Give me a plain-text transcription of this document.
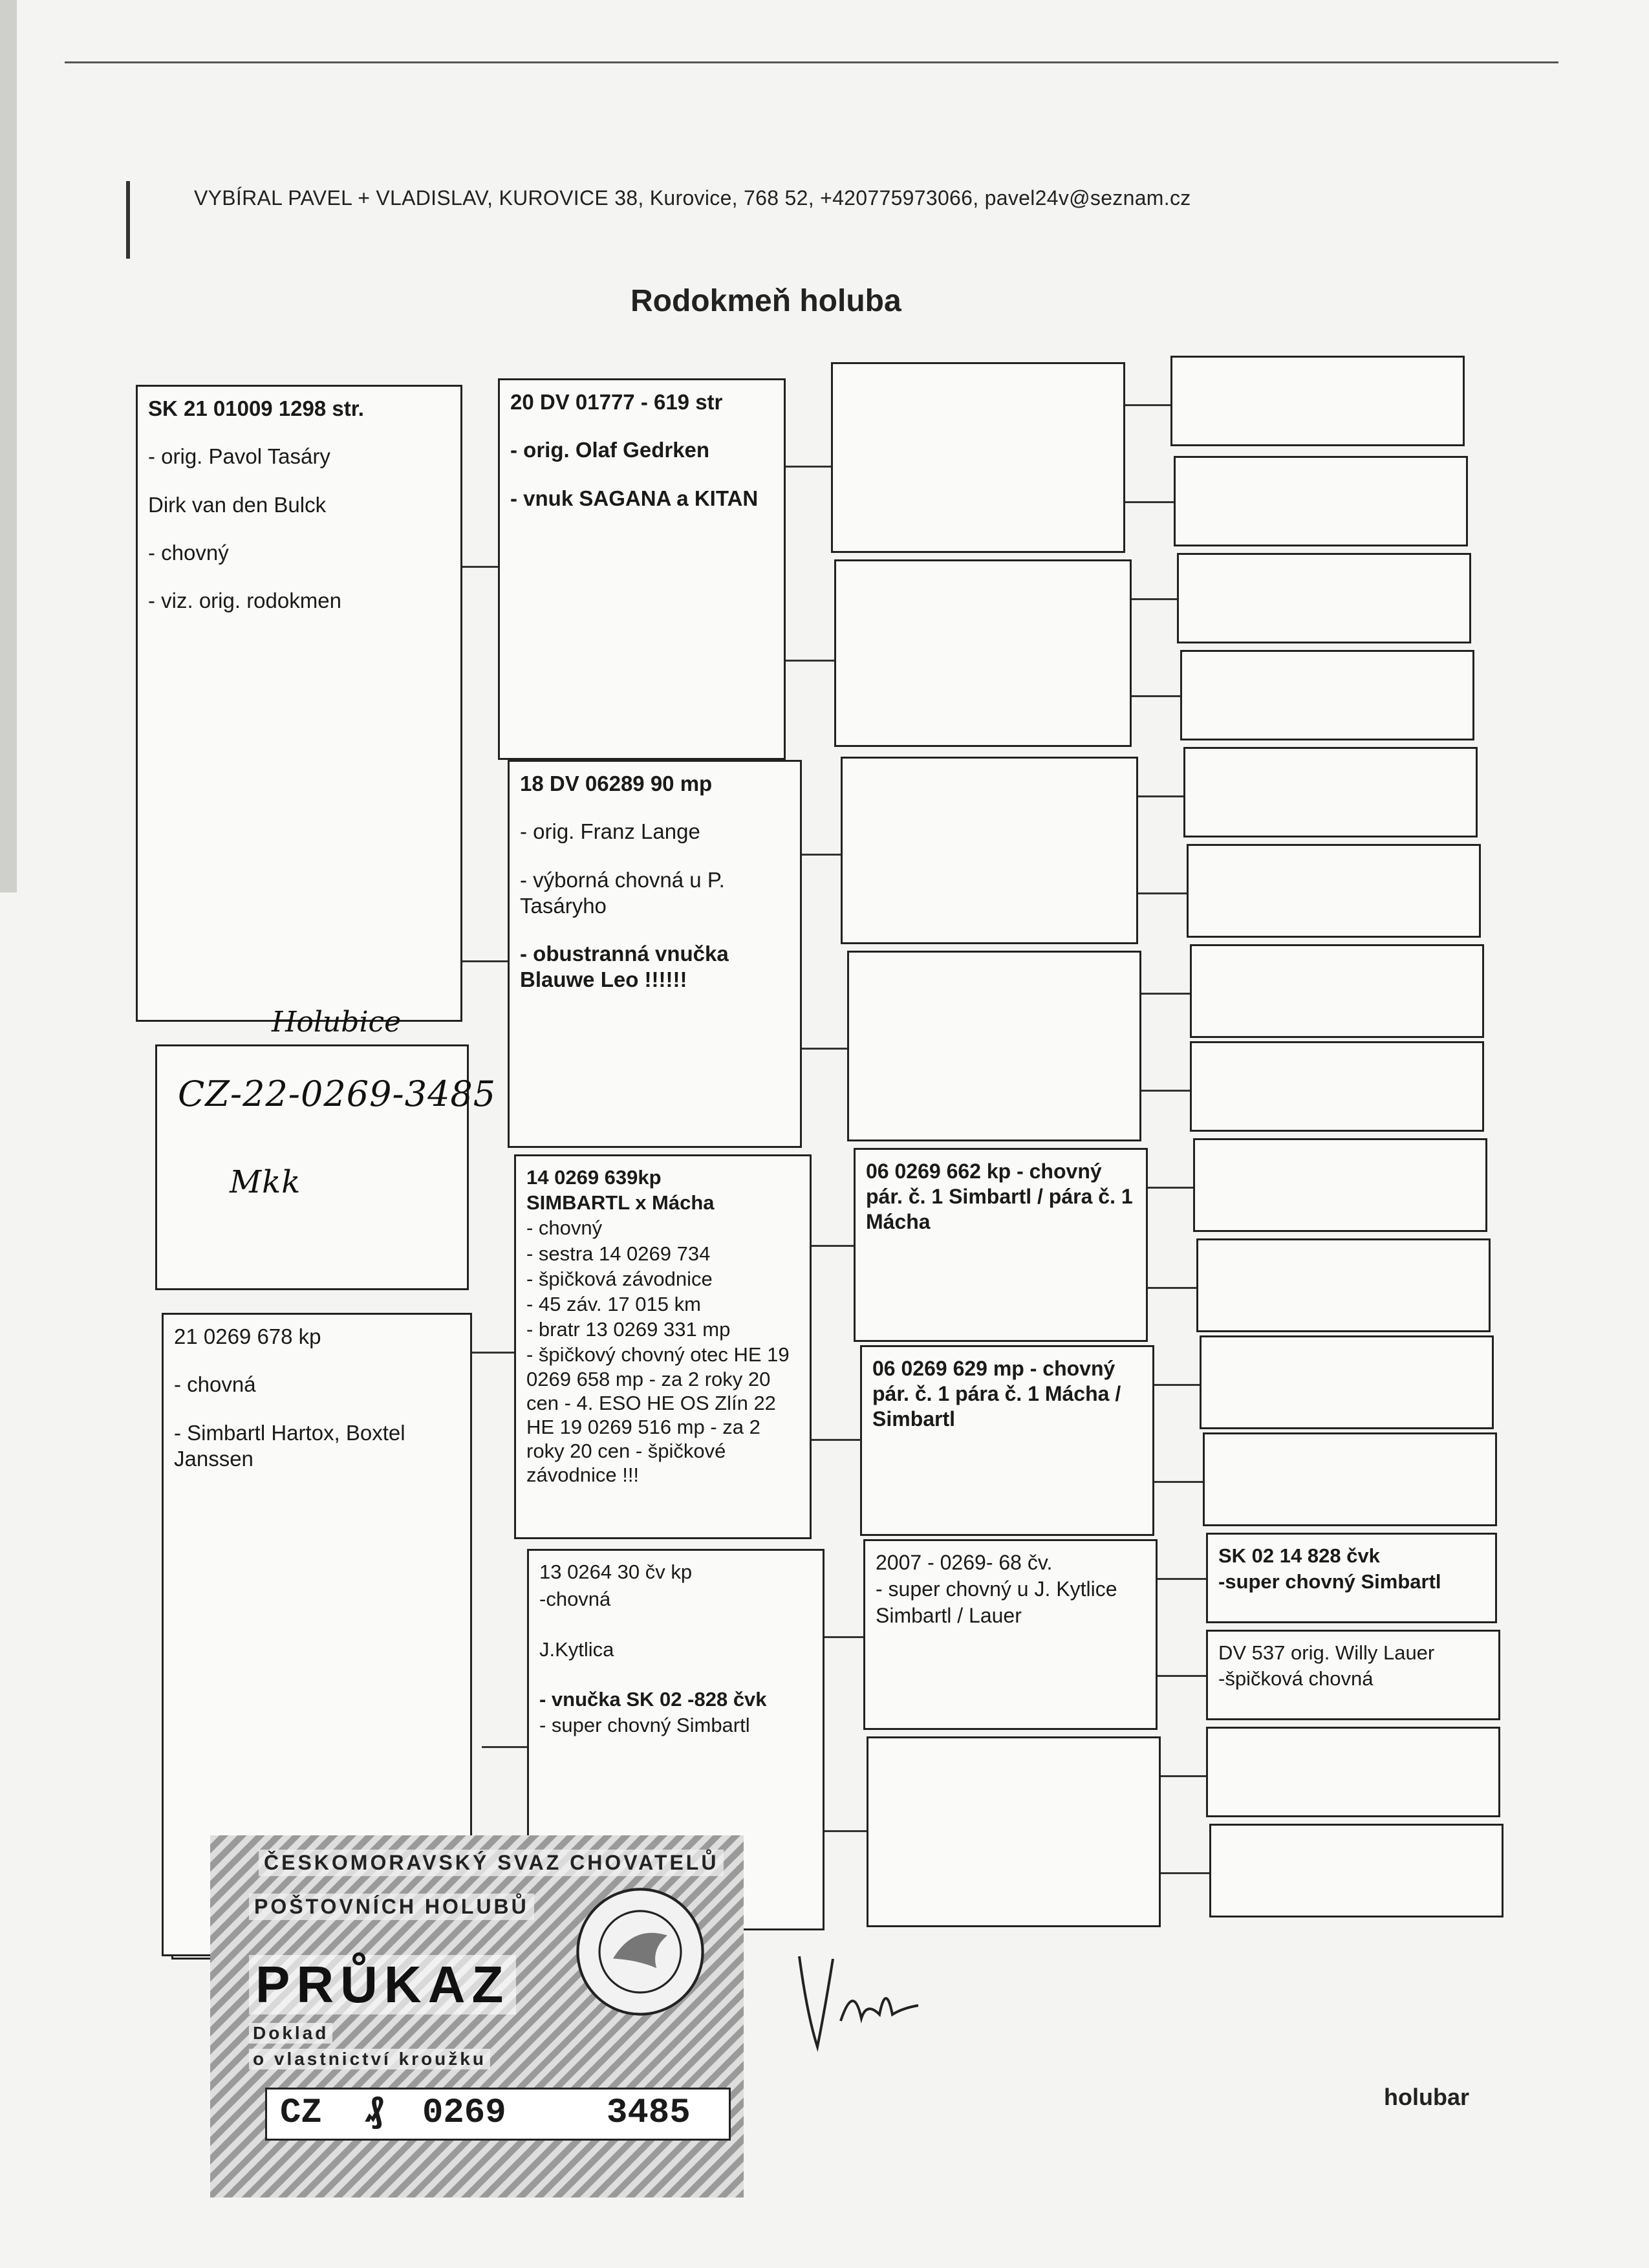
VYBÍRAL PAVEL + VLADISLAV, KUROVICE 38, Kurovice, 768 52, +420775973066, pavel24v@seznam.cz
Rodokmeň holuba

SK 21 01009 1298 str.

- orig. Pavol Tasáry

Dirk van den Bulck

- chovný

- viz. orig. rodokmen

Holubice
CZ-22-0269-3485
Mkk

21 0269 678 kp

- chovná

- Simbartl Hartox, Boxtel Janssen

20 DV 01777 - 619 str

- orig. Olaf Gedrken

- vnuk SAGANA a KITAN

18 DV 06289 90 mp

- orig. Franz Lange

- výborná chovná u P. Tasáryho

- obustranná vnučka Blauwe Leo !!!!!!

14 0269 639kp

SIMBARTL x Mácha

- chovný

- sestra 14 0269 734

- špičková závodnice

- 45 záv. 17 015 km

- bratr 13 0269 331 mp

- špičkový chovný otec HE 19 0269 658 mp - za 2 roky 20 cen - 4. ESO HE OS Zlín 22 HE 19 0269 516 mp - za 2 roky 20 cen - špičkové závodnice !!!

13 0264 30 čv kp

-chovná

J.Kytlica

- vnučka SK 02 -828 čvk

- super chovný Simbartl

06 0269 662 kp - chovný pár. č. 1 Simbartl / pára č. 1 Mácha
06 0269 629 mp - chovný pár. č. 1 pára č. 1 Mácha / Simbartl

2007 - 0269- 68 čv.

- super chovný u J. Kytlice

Simbartl / Lauer

SK 02 14 828 čvk

-super chovný Simbartl

DV 537 orig. Willy Lauer

-špičková chovná

ČESKOMORAVSKÝ SVAZ CHOVATELŮ
POŠTOVNÍCH HOLUBŮ
PRŮKAZ
Doklad
o vlastnictví kroužku
CZ ₰ 0269	3485	holubar
